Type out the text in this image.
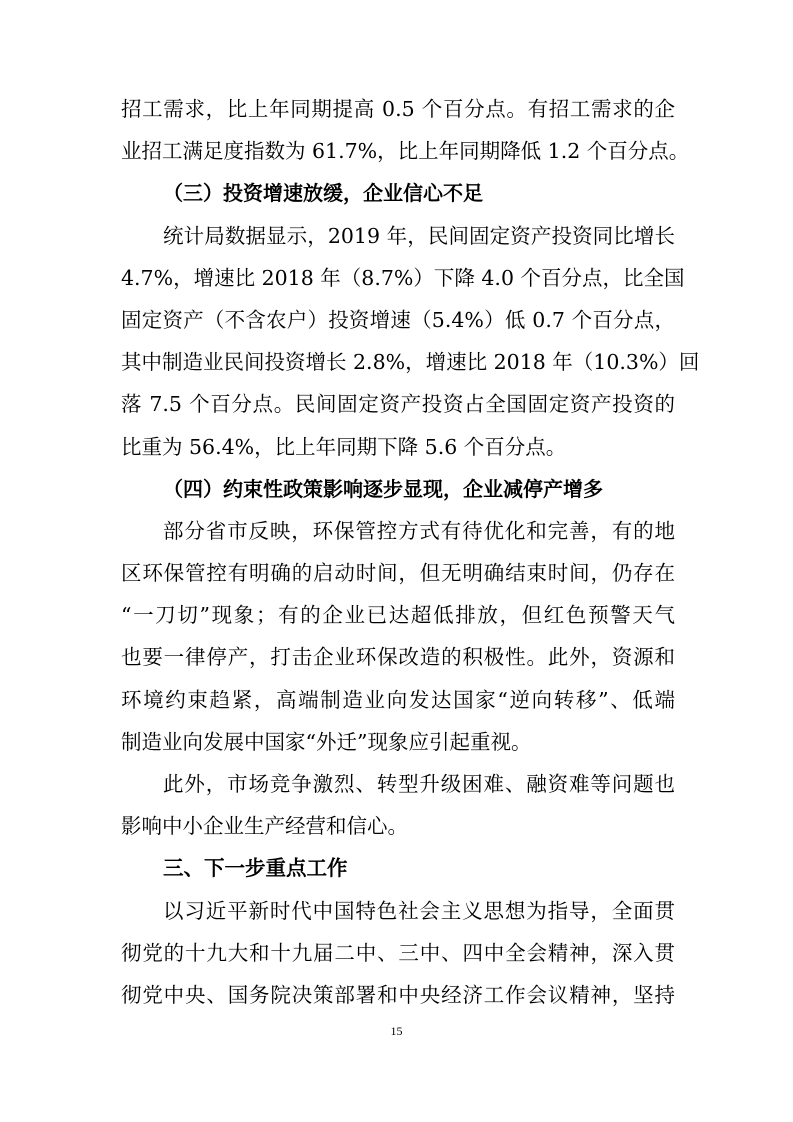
招工需求，比上年同期提高 0.5 个百分点。有招工需求的企
业招工满足度指数为 61.7%，比上年同期降低 1.2 个百分点。
（三）投资增速放缓，企业信心不足
统计局数据显示，2019 年，民间固定资产投资同比增长
4.7%，增速比 2018 年（8.7%）下降 4.0 个百分点，比全国
固定资产（不含农户）投资增速（5.4%）低 0.7 个百分点，
其中制造业民间投资增长 2.8%，增速比 2018 年（10.3%）回
落 7.5 个百分点。民间固定资产投资占全国固定资产投资的
比重为 56.4%，比上年同期下降 5.6 个百分点。
（四）约束性政策影响逐步显现，企业减停产增多
部分省市反映，环保管控方式有待优化和完善，有的地
区环保管控有明确的启动时间，但无明确结束时间，仍存在
“一刀切”现象；有的企业已达超低排放，但红色预警天气
也要一律停产，打击企业环保改造的积极性。此外，资源和
环境约束趋紧，高端制造业向发达国家“逆向转移”、低端
制造业向发展中国家“外迁”现象应引起重视。
此外，市场竞争激烈、转型升级困难、融资难等问题也
影响中小企业生产经营和信心。
三、下一步重点工作
以习近平新时代中国特色社会主义思想为指导，全面贯
彻党的十九大和十九届二中、三中、四中全会精神，深入贯
彻党中央、国务院决策部署和中央经济工作会议精神，坚持
15
